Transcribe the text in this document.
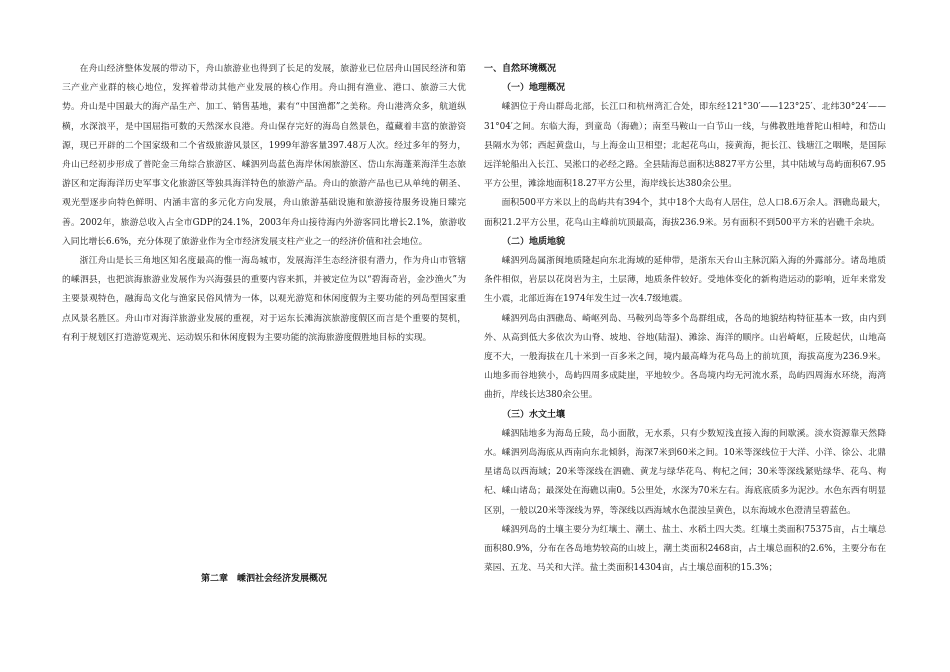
在舟山经济整体发展的带动下，舟山旅游业也得到了长足的发展，旅游业已位居舟山国民经济和第三产业产业群的核心地位，发挥着带动其他产业发展的核心作用。舟山拥有渔业、港口、旅游三大优势。舟山是中国最大的海产品生产、加工、销售基地，素有“中国渔都”之美称。舟山港湾众多，航道纵横，水深浪平，是中国屈指可数的天然深水良港。舟山保存完好的海岛自然景色，蕴藏着丰富的旅游资源，现已开辟的二个国家级和二个省级旅游风景区，1999年游客量397.48万人次。经过多年的努力，舟山已经初步形成了普陀金三角综合旅游区、嵊泗列岛蓝色海岸休闲旅游区、岱山东海蓬莱海洋生态旅游区和定海海洋历史军事文化旅游区等独具海洋特色的旅游产品。舟山的旅游产品也已从单纯的朝圣、观光型逐步向特色鲜明、内涵丰富的多元化方向发展，舟山旅游基础设施和旅游接待服务设施日臻完善。2002年，旅游总收入占全市GDP的24.1%，2003年舟山接待海内外游客同比增长2.1%，旅游收入同比增长6.6%，充分体现了旅游业作为全市经济发展支柱产业之一的经济价值和社会地位。

浙江舟山是长三角地区知名度最高的惟一海岛城市，发展海洋生态经济很有潜力，作为舟山市管辖的嵊泗县，也把滨海旅游业发展作为兴海强县的重要内容来抓，并被定位为以“碧海奇岩，金沙渔火”为主要景观特色，融海岛文化与渔家民俗风情为一体，以观光游览和休闲度假为主要功能的列岛型国家重点风景名胜区。舟山市对海洋旅游业发展的重视，对于运东长滩海滨旅游度假区而言是个重要的契机，有利于规划区打造游览观光、运动娱乐和休闲度假为主要功能的滨海旅游度假胜地目标的实现。

第二章　嵊泗社会经济发展概况
一、自然环境概况
（一）地理概况

嵊泗位于舟山群岛北部，长江口和杭州湾汇合处，即东经121°30′——123°25′、北纬30°24′——31°04′之间。东临大海，到童岛（海礁）；南至马鞍山一白节山一线，与佛教胜地普陀山相峙，和岱山县隔水为邻；西起黄盘山，与上海金山卫相望；北起花鸟山，接黄海，扼长江、钱塘江之咽喉，是国际远洋轮船出入长江、吴淞口的必经之路。全县陆海总面积达8827平方公里，其中陆域与岛屿面积67.95平方公里，滩涂地面积18.27平方公里，海岸线长达380余公里。

面积500平方米以上的岛屿共有394个，其中18个大岛有人居住，总人口8.6万余人。泗礁岛最大，面积21.2平方公里，花鸟山主峰前坑顶最高，海拔236.9米。另有面积不到500平方米的岩礁千余块。

（二）地质地貌

嵊泗列岛属浙闽地质隆起向东北海域的延伸带，是浙东天台山主脉沉陷入海的外露部分。诸岛地质条件相似，岩层以花岗岩为主，土层薄，地质条件较好。受地体变化的新构造运动的影响，近年来常发生小震，北部近海在1974年发生过一次4.7级地震。

嵊泗列岛由泗礁岛、崎岖列岛、马鞍列岛等多个岛群组成，各岛的地貌结构特征基本一致，由内到外、从高到低大多依次为山脊、坡地、谷地(陆湿)、滩涂、海洋的顺序。山岩崎岖，丘陵起伏，山地高度不大，一般海拔在几十米到一百多米之间，境内最高峰为花鸟岛上的前坑顶，海拔高度为236.9米。山地多而谷地狭小，岛屿四周多成陡崖，平地较少。各岛境内均无河流水系，岛屿四周海水环绕，海湾曲折，岸线长达380余公里。

（三）水文土壤

嵊泗陆地多为海岛丘陵，岛小面散，无水系，只有少数短浅直接入海的间歇溪。淡水资源靠天然降水。嵊泗列岛海底从西南向东北倾斜，海深7米到60米之间。10米等深线位于大洋、小洋、徐公、北鼎星诸岛以西海域；20米等深线在泗礁、黄龙与绿华花鸟、枸杞之间；30米等深线紧贴绿华、花鸟、枸杞、嵊山诸岛；最深处在海礁以南0。5公里处，水深为70米左右。海底底质多为泥沙。水色东西有明显区别，一般以20米等深线为界，等深线以西海域水色混浊呈黄色，以东海域水色澄清呈碧蓝色。

嵊泗列岛的土壤主要分为红壤土、潮土、盐土、水稻土四大类。红壤土类面积75375亩，占土壤总面积80.9%，分布在各岛地势较高的山坡上，潮土类面积2468亩，占土壤总面积的2.6%，主要分布在菜园、五龙、马关和大洋。盐土类面积14304亩，占土壤总面积的15.3%；
